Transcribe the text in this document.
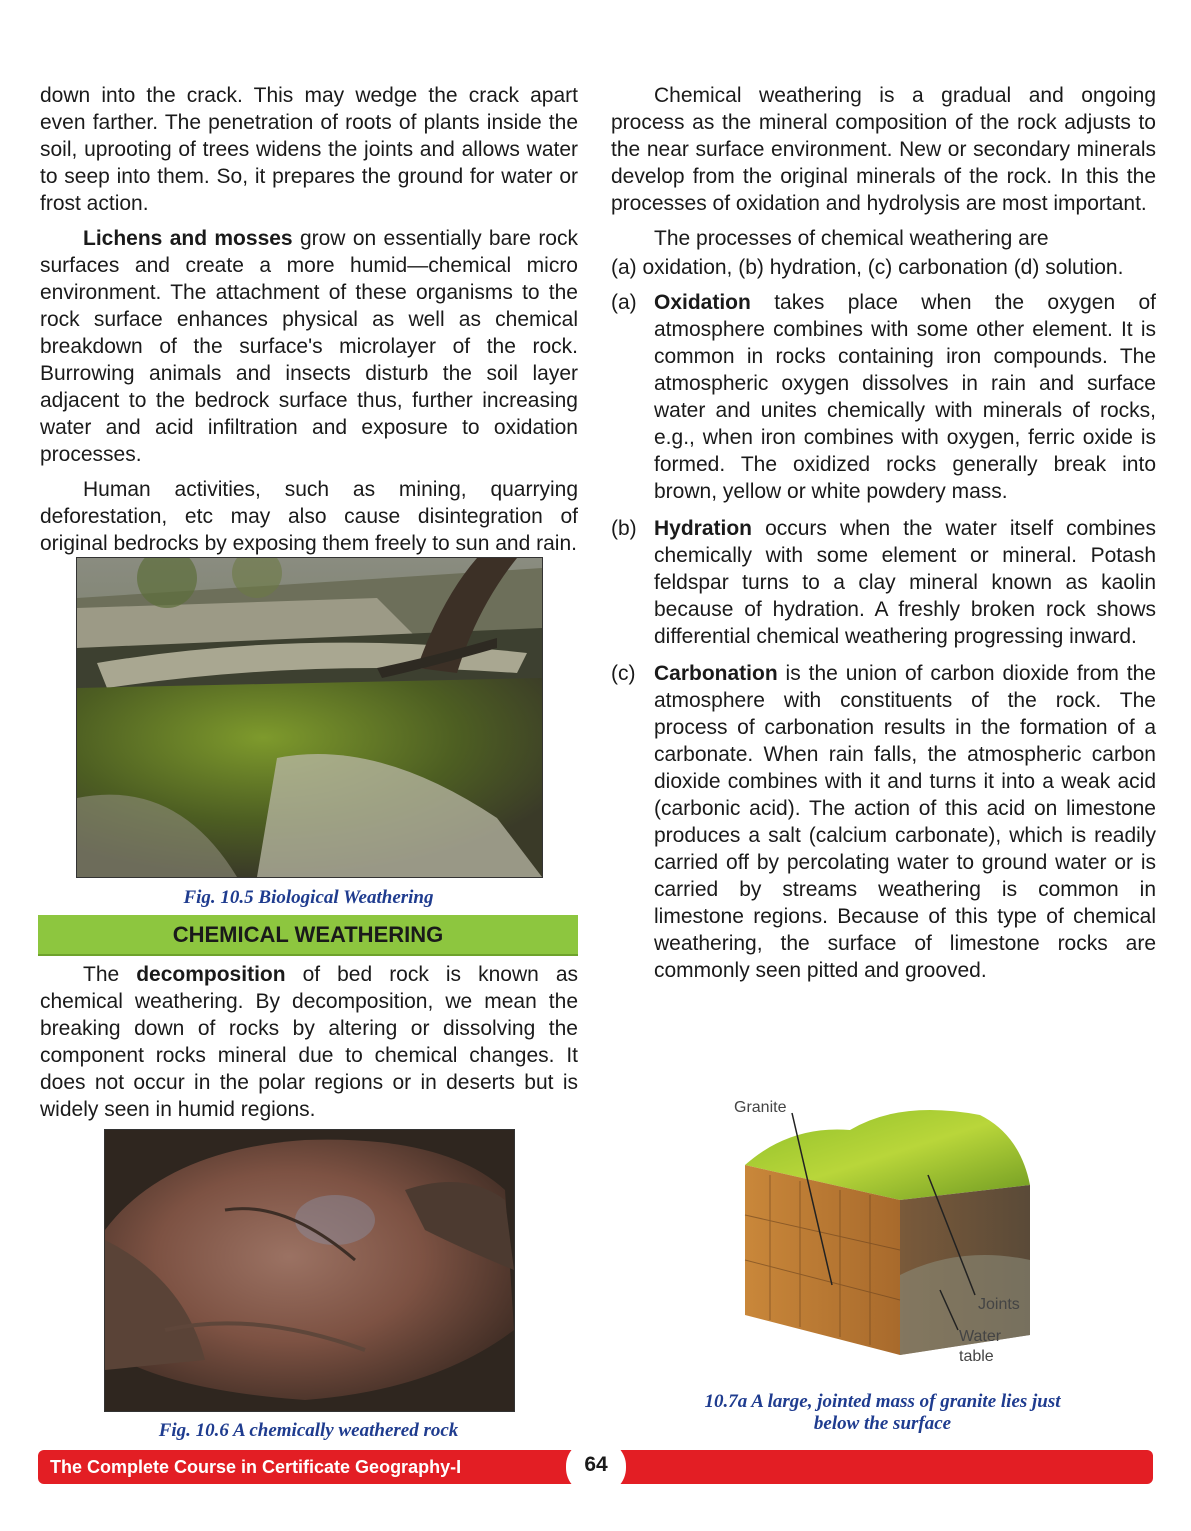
down into the crack. This may wedge the crack apart even farther. The penetration of roots of plants inside the soil, uprooting of trees widens the joints and allows water to seep into them. So, it prepares the ground for water or frost action.

Lichens and mosses grow on essentially bare rock surfaces and create a more humid—chemical micro environment. The attachment of these organisms to the rock surface enhances physical as well as chemical breakdown of the surface's microlayer of the rock. Burrowing animals and insects disturb the soil layer adjacent to the bedrock surface thus, further increasing water and acid infiltration and exposure to oxidation processes.

Human activities, such as mining, quarrying deforestation, etc may also cause disintegration of original bedrocks by exposing them freely to sun and rain.

Fig. 10.5 Biological Weathering
CHEMICAL WEATHERING

The decomposition of bed rock is known as chemical weathering. By decomposition, we mean the breaking down of rocks by altering or dissolving the component rocks mineral due to chemical changes. It does not occur in the polar regions or in deserts but is widely seen in humid regions.

Fig. 10.6 A chemically weathered rock

Chemical weathering is a gradual and ongoing process as the mineral composition of the rock adjusts to the near surface environment. New or secondary minerals develop from the original minerals of the rock. In this the processes of oxidation and hydrolysis are most important.

The processes of chemical weathering are

(a) oxidation, (b) hydration, (c) carbonation (d) solution.

(a) Oxidation takes place when the oxygen of atmosphere combines with some other element. It is common in rocks containing iron compounds. The atmospheric oxygen dissolves in rain and surface water and unites chemically with minerals of rocks, e.g., when iron combines with oxygen, ferric oxide is formed. The oxidized rocks generally break into brown, yellow or white powdery mass.
(b) Hydration occurs when the water itself combines chemically with some element or mineral. Potash feldspar turns to a clay mineral known as kaolin because of hydration. A freshly broken rock shows differential chemical weathering progressing inward.
(c) Carbonation is the union of carbon dioxide from the atmosphere with constituents of the rock. The process of carbonation results in the formation of a carbonate. When rain falls, the atmospheric carbon dioxide combines with it and turns it into a weak acid (carbonic acid). The action of this acid on limestone produces a salt (calcium carbonate), which is readily carried off by percolating water to ground water or is carried by streams weathering is common in limestone regions. Because of this type of chemical weathering, the surface of limestone rocks are commonly seen pitted and grooved.
Granite
Joints
Water
table
10.7a A large, jointed mass of granite lies just
below the surface
The Complete Course in Certificate Geography-I	64
